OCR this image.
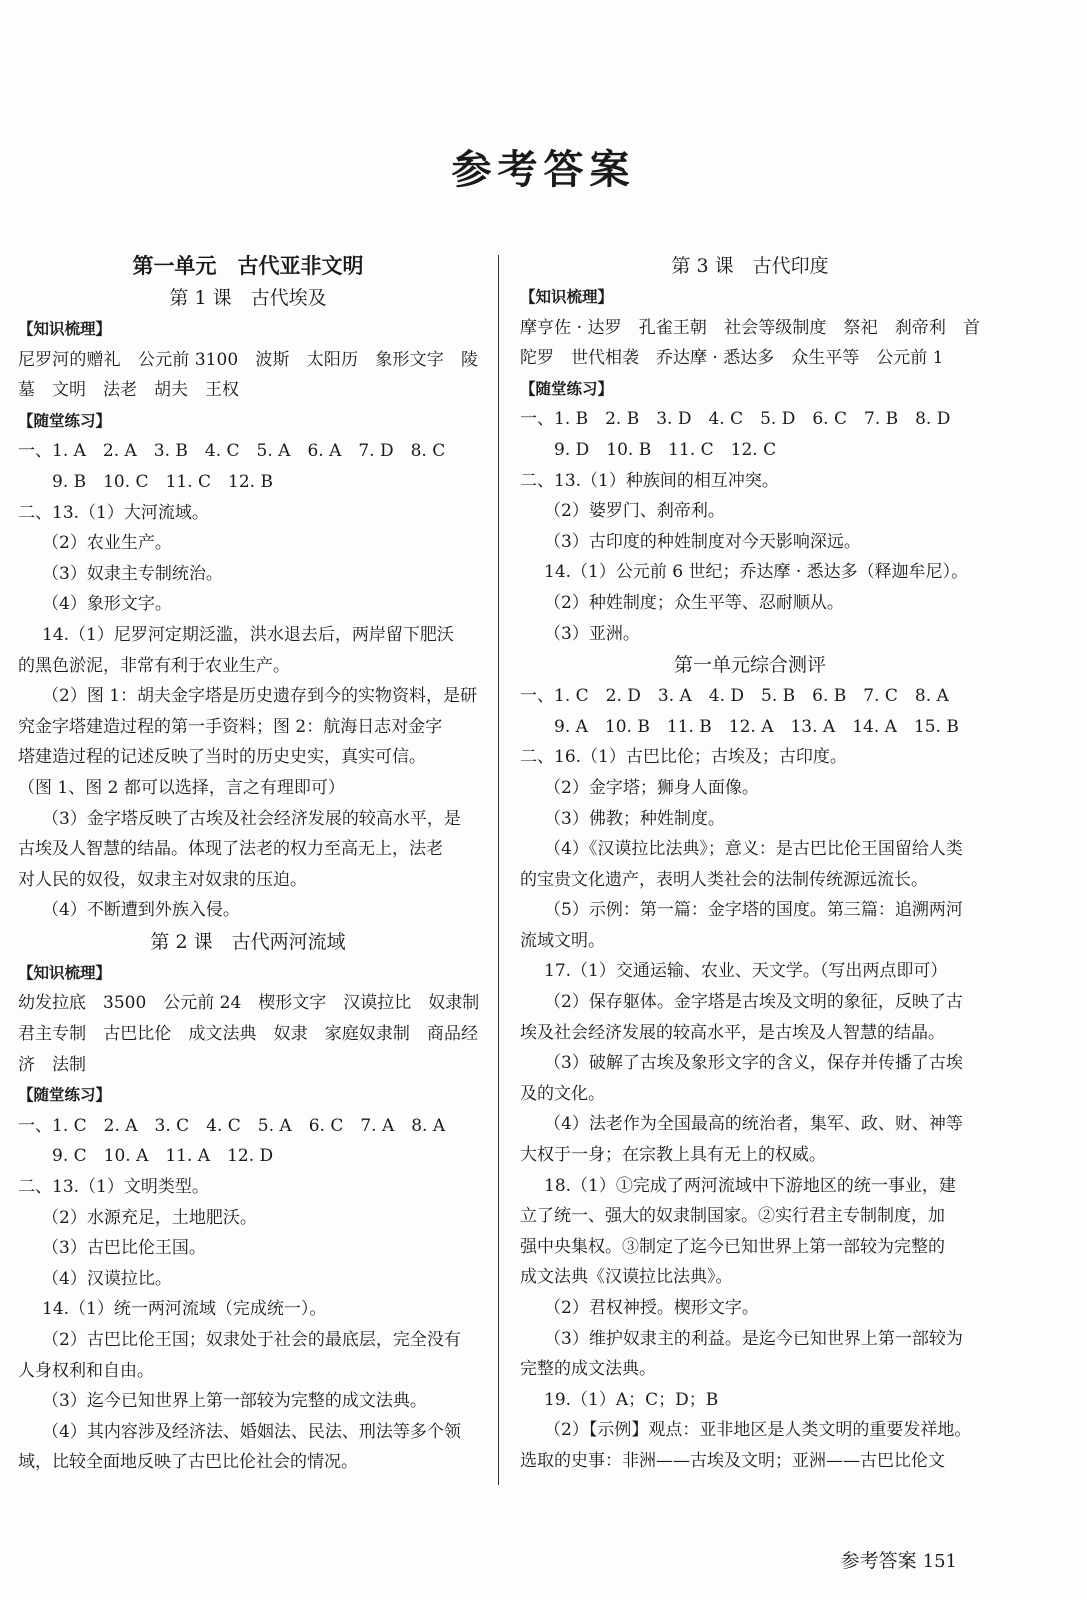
参考答案
第一单元　古代亚非文明
第 1 课　古代埃及
【知识梳理】
尼罗河的赠礼　公元前 3100　波斯　太阳历　象形文字　陵
墓　文明　法老　胡夫　王权
【随堂练习】
一、1. A　2. A　3. B　4. C　5. A　6. A　7. D　8. C
9. B　10. C　11. C　12. B
二、13.（1）大河流域。
（2）农业生产。
（3）奴隶主专制统治。
（4）象形文字。
14.（1）尼罗河定期泛滥，洪水退去后，两岸留下肥沃
的黑色淤泥，非常有利于农业生产。
（2）图 1：胡夫金字塔是历史遗存到今的实物资料，是研
究金字塔建造过程的第一手资料；图 2：航海日志对金字
塔建造过程的记述反映了当时的历史史实，真实可信。
（图 1、图 2 都可以选择，言之有理即可）
（3）金字塔反映了古埃及社会经济发展的较高水平，是
古埃及人智慧的结晶。体现了法老的权力至高无上，法老
对人民的奴役，奴隶主对奴隶的压迫。
（4）不断遭到外族入侵。
第 2 课　古代两河流域
【知识梳理】
幼发拉底　3500　公元前 24　楔形文字　汉谟拉比　奴隶制
君主专制　古巴比伦　成文法典　奴隶　家庭奴隶制　商品经
济　法制
【随堂练习】
一、1. C　2. A　3. C　4. C　5. A　6. C　7. A　8. A
9. C　10. A　11. A　12. D
二、13.（1）文明类型。
（2）水源充足，土地肥沃。
（3）古巴比伦王国。
（4）汉谟拉比。
14.（1）统一两河流域（完成统一）。
（2）古巴比伦王国；奴隶处于社会的最底层，完全没有
人身权利和自由。
（3）迄今已知世界上第一部较为完整的成文法典。
（4）其内容涉及经济法、婚姻法、民法、刑法等多个领
域，比较全面地反映了古巴比伦社会的情况。
第 3 课　古代印度
【知识梳理】
摩亨佐 · 达罗　孔雀王朝　社会等级制度　祭祀　刹帝利　首
陀罗　世代相袭　乔达摩 · 悉达多　众生平等　公元前 1
【随堂练习】
一、1. B　2. B　3. D　4. C　5. D　6. C　7. B　8. D
9. D　10. B　11. C　12. C
二、13.（1）种族间的相互冲突。
（2）婆罗门、刹帝利。
（3）古印度的种姓制度对今天影响深远。
14.（1）公元前 6 世纪；乔达摩 · 悉达多（释迦牟尼）。
（2）种姓制度；众生平等、忍耐顺从。
（3）亚洲。
第一单元综合测评
一、1. C　2. D　3. A　4. D　5. B　6. B　7. C　8. A
9. A　10. B　11. B　12. A　13. A　14. A　15. B
二、16.（1）古巴比伦；古埃及；古印度。
（2）金字塔；狮身人面像。
（3）佛教；种姓制度。
（4）《汉谟拉比法典》；意义：是古巴比伦王国留给人类
的宝贵文化遗产，表明人类社会的法制传统源远流长。
（5）示例：第一篇：金字塔的国度。第三篇：追溯两河
流域文明。
17.（1）交通运输、农业、天文学。（写出两点即可）
（2）保存躯体。金字塔是古埃及文明的象征，反映了古
埃及社会经济发展的较高水平，是古埃及人智慧的结晶。
（3）破解了古埃及象形文字的含义，保存并传播了古埃
及的文化。
（4）法老作为全国最高的统治者，集军、政、财、神等
大权于一身；在宗教上具有无上的权威。
18.（1）①完成了两河流域中下游地区的统一事业，建
立了统一、强大的奴隶制国家。②实行君主专制制度，加
强中央集权。③制定了迄今已知世界上第一部较为完整的
成文法典《汉谟拉比法典》。
（2）君权神授。楔形文字。
（3）维护奴隶主的利益。是迄今已知世界上第一部较为
完整的成文法典。
19.（1）A；C；D；B
（2）【示例】观点：亚非地区是人类文明的重要发祥地。
选取的史事：非洲——古埃及文明；亚洲——古巴比伦文
参考答案 151
